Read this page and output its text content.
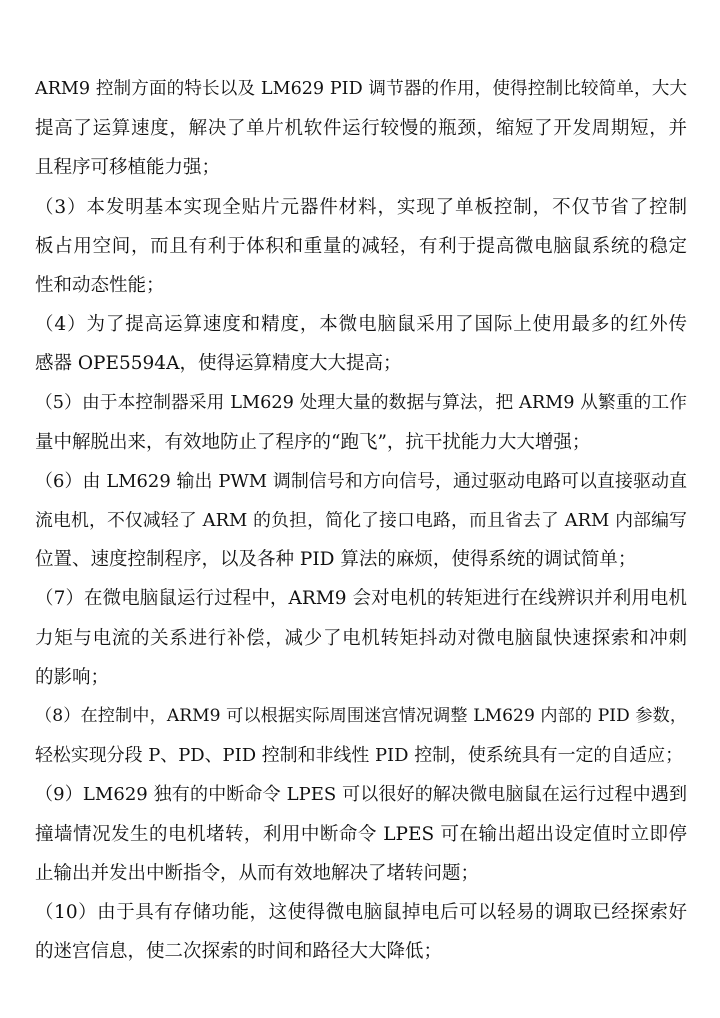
ARM9 控制方面的特长以及 LM629 PID 调节器的作用，使得控制比较简单，大大
提高了运算速度，解决了单片机软件运行较慢的瓶颈，缩短了开发周期短，并
且程序可移植能力强；
（3）本发明基本实现全贴片元器件材料，实现了单板控制，不仅节省了控制
板占用空间，而且有利于体积和重量的减轻，有利于提高微电脑鼠系统的稳定
性和动态性能；
（4）为了提高运算速度和精度，本微电脑鼠采用了国际上使用最多的红外传
感器 OPE5594A，使得运算精度大大提高；
（5）由于本控制器采用 LM629 处理大量的数据与算法，把 ARM9 从繁重的工作
量中解脱出来，有效地防止了程序的“跑飞”，抗干扰能力大大增强；
（6）由 LM629 输出 PWM 调制信号和方向信号，通过驱动电路可以直接驱动直
流电机，不仅减轻了 ARM 的负担，简化了接口电路，而且省去了 ARM 内部编写
位置、速度控制程序，以及各种 PID 算法的麻烦，使得系统的调试简单；
（7）在微电脑鼠运行过程中，ARM9 会对电机的转矩进行在线辨识并利用电机
力矩与电流的关系进行补偿，减少了电机转矩抖动对微电脑鼠快速探索和冲刺
的影响；
（8）在控制中，ARM9 可以根据实际周围迷宫情况调整 LM629 内部的 PID 参数，
轻松实现分段 P、PD、PID 控制和非线性 PID 控制，使系统具有一定的自适应；
（9）LM629 独有的中断命令 LPES 可以很好的解决微电脑鼠在运行过程中遇到
撞墙情况发生的电机堵转，利用中断命令 LPES 可在输出超出设定值时立即停
止输出并发出中断指令，从而有效地解决了堵转问题；
（10）由于具有存储功能，这使得微电脑鼠掉电后可以轻易的调取已经探索好
的迷宫信息，使二次探索的时间和路径大大降低；
